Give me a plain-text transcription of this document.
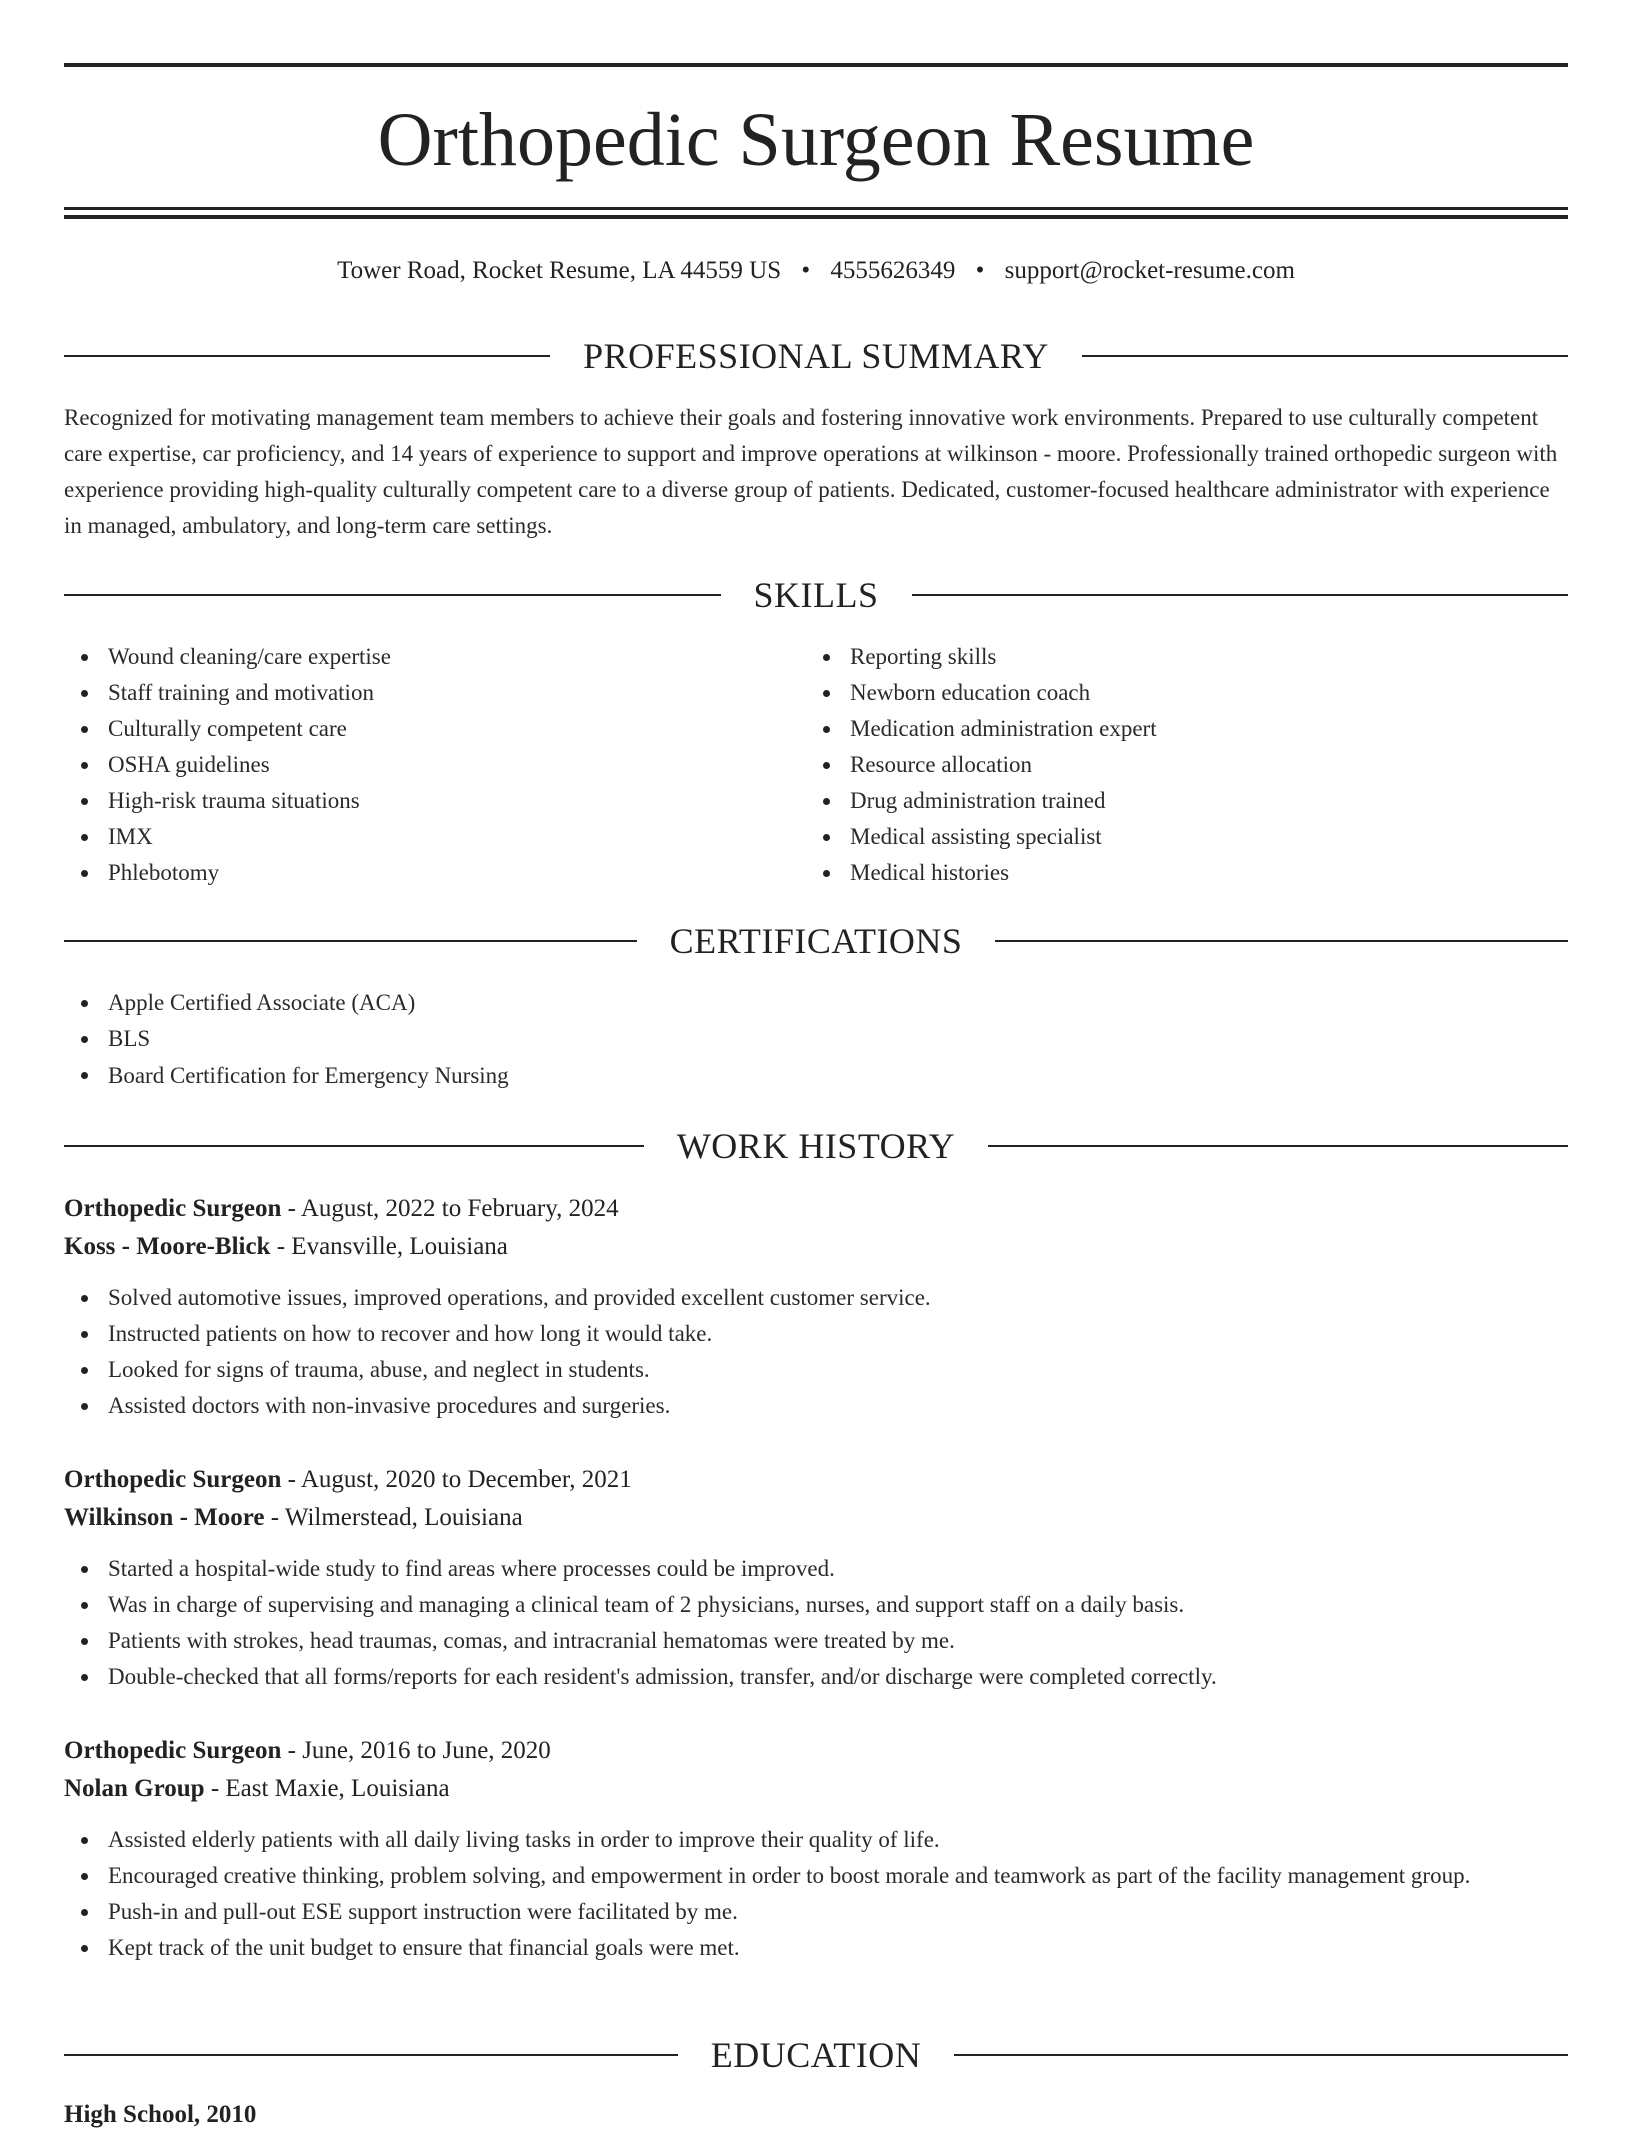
Orthopedic Surgeon Resume
Tower Road, Rocket Resume, LA 44559 US • 4555626349 • support@rocket-resume.com
PROFESSIONAL SUMMARY

Recognized for motivating management team members to achieve their goals and fostering innovative work environments. Prepared to use culturally competent care expertise, car proficiency, and 14 years of experience to support and improve operations at wilkinson - moore. Professionally trained orthopedic surgeon with experience providing high-quality culturally competent care to a diverse group of patients. Dedicated, customer-focused healthcare administrator with experience in managed, ambulatory, and long-term care settings.

SKILLS
Wound cleaning/care expertise
Staff training and motivation
Culturally competent care
OSHA guidelines
High-risk trauma situations
IMX
Phlebotomy
Reporting skills
Newborn education coach
Medication administration expert
Resource allocation
Drug administration trained
Medical assisting specialist
Medical histories
CERTIFICATIONS
Apple Certified Associate (ACA)
BLS
Board Certification for Emergency Nursing
WORK HISTORY
Orthopedic Surgeon - August, 2022 to February, 2024
Koss - Moore-Blick - Evansville, Louisiana
Solved automotive issues, improved operations, and provided excellent customer service.
Instructed patients on how to recover and how long it would take.
Looked for signs of trauma, abuse, and neglect in students.
Assisted doctors with non-invasive procedures and surgeries.
Orthopedic Surgeon - August, 2020 to December, 2021
Wilkinson - Moore - Wilmerstead, Louisiana
Started a hospital-wide study to find areas where processes could be improved.
Was in charge of supervising and managing a clinical team of 2 physicians, nurses, and support staff on a daily basis.
Patients with strokes, head traumas, comas, and intracranial hematomas were treated by me.
Double-checked that all forms/reports for each resident's admission, transfer, and/or discharge were completed correctly.
Orthopedic Surgeon - June, 2016 to June, 2020
Nolan Group - East Maxie, Louisiana
Assisted elderly patients with all daily living tasks in order to improve their quality of life.
Encouraged creative thinking, problem solving, and empowerment in order to boost morale and teamwork as part of the facility management group.
Push-in and pull-out ESE support instruction were facilitated by me.
Kept track of the unit budget to ensure that financial goals were met.
EDUCATION
High School, 2010
